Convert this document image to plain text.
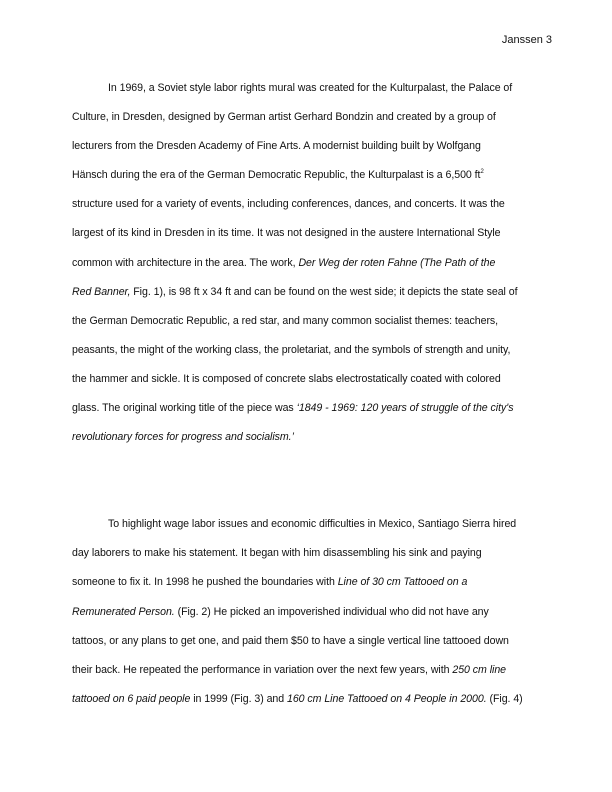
Janssen 3

In 1969, a Soviet style labor rights mural was created for the Kulturpalast, the Palace of
Culture, in Dresden, designed by German artist Gerhard Bondzin and created by a group of
lecturers from the Dresden Academy of Fine Arts. A modernist building built by Wolfgang
Hänsch during the era of the German Democratic Republic, the Kulturpalast is a 6,500 $ft^2$
structure used for a variety of events, including conferences, dances, and concerts. It was the
largest of its kind in Dresden in its time. It was not designed in the austere International Style
common with architecture in the area. The work, Der Weg der roten Fahne (The Path of the
Red Banner, Fig. 1), is 98 ft x 34 ft and can be found on the west side; it depicts the state seal of
the German Democratic Republic, a red star, and many common socialist themes: teachers,
peasants, the might of the working class, the proletariat, and the symbols of strength and unity,
the hammer and sickle. It is composed of concrete slabs electrostatically coated with colored
glass. The original working title of the piece was ‘1849 - 1969: 120 years of struggle of the city's
revolutionary forces for progress and socialism.’

To highlight wage labor issues and economic difficulties in Mexico, Santiago Sierra hired
day laborers to make his statement. It began with him disassembling his sink and paying
someone to fix it. In 1998 he pushed the boundaries with Line of 30 cm Tattooed on a
Remunerated Person. (Fig. 2) He picked an impoverished individual who did not have any
tattoos, or any plans to get one, and paid them $50 to have a single vertical line tattooed down
their back. He repeated the performance in variation over the next few years, with 250 cm line
tattooed on 6 paid people in 1999 (Fig. 3) and 160 cm Line Tattooed on 4 People in 2000. (Fig. 4)
